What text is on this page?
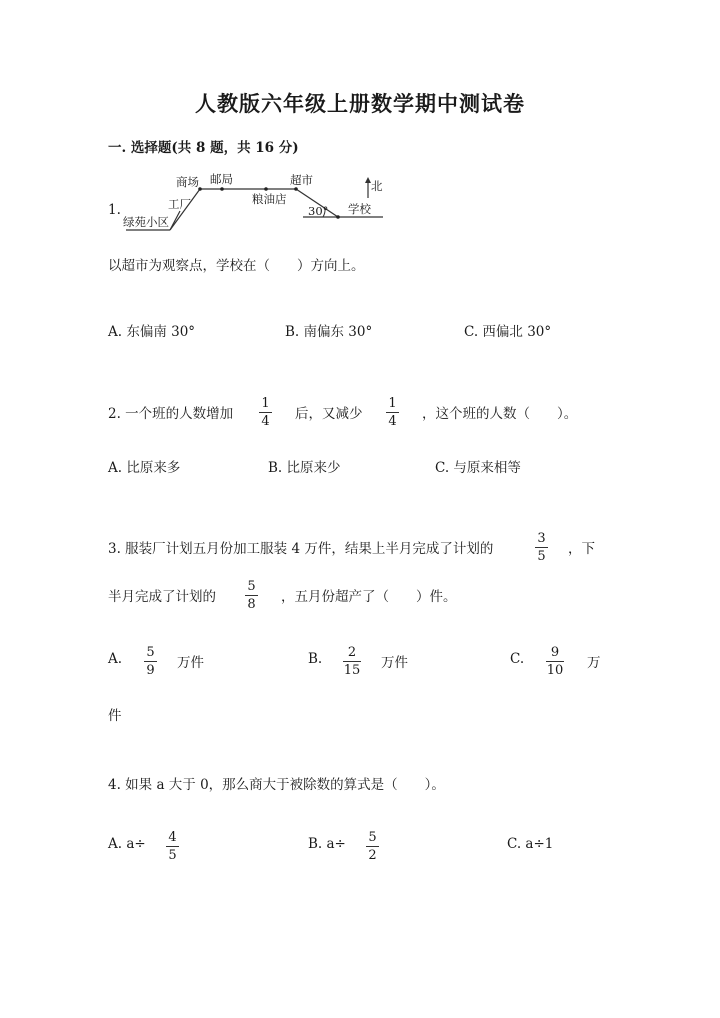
人教版六年级上册数学期中测试卷
一. 选择题(共 8 题，共 16 分)
1.
商场 邮局
工厂
绿苑小区
粮油店
超市
学校
北
30°
以超市为观察点，学校在（　　）方向上。
A. 东偏南 30°	B. 南偏东 30°	C. 西偏北 30°
2. 一个班的人数增加
1
4 后，又减少
1
4 ，这个班的人数（　　）。
A. 比原来多	B. 比原来少	C. 与原来相等
3. 服装厂计划五月份加工服装 4 万件，结果上半月完成了计划的
3
5 ，下
半月完成了计划的
5
8 ，五月份超产了（　　）件。
A. 5
9 万件	B. 2
15 万件	C. 9
10 万
件
4. 如果 a 大于 0，那么商大于被除数的算式是（　　）。
A. a÷ 4
5
B. a÷ 5
2
C. a÷1
